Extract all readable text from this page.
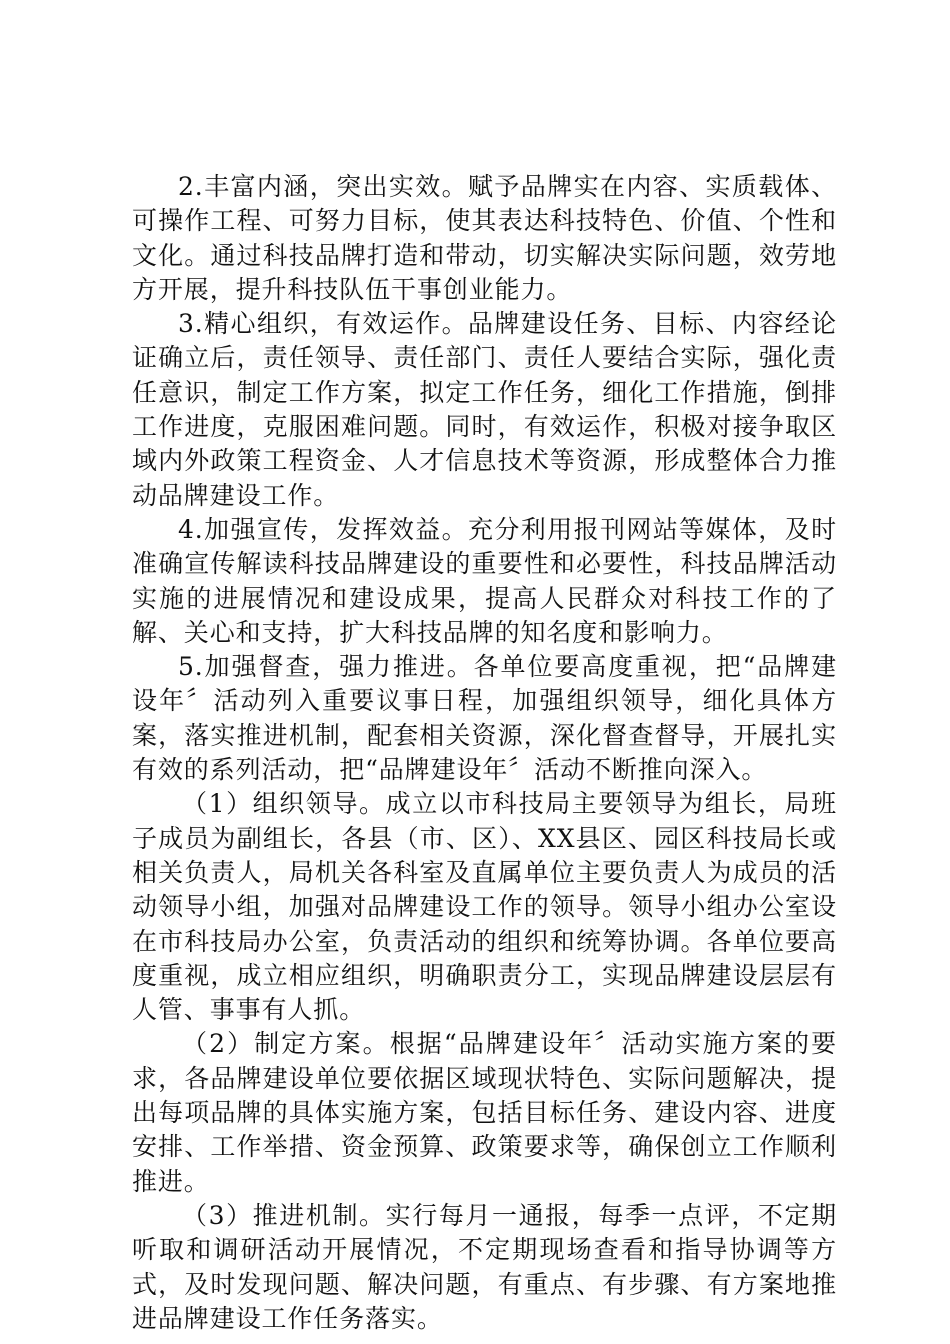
2.丰富内涵，突出实效。赋予品牌实在内容、实质载体、可操作工程、可努力目标，使其表达科技特色、价值、个性和文化。通过科技品牌打造和带动，切实解决实际问题，效劳地方开展，提升科技队伍干事创业能力。

3.精心组织，有效运作。品牌建设任务、目标、内容经论证确立后，责任领导、责任部门、责任人要结合实际，强化责任意识，制定工作方案，拟定工作任务，细化工作措施，倒排工作进度，克服困难问题。同时，有效运作，积极对接争取区域内外政策工程资金、人才信息技术等资源，形成整体合力推动品牌建设工作。

4.加强宣传，发挥效益。充分利用报刊网站等媒体，及时准确宣传解读科技品牌建设的重要性和必要性，科技品牌活动实施的进展情况和建设成果，提高人民群众对科技工作的了解、关心和支持，扩大科技品牌的知名度和影响力。

5.加强督查，强力推进。各单位要高度重视，把“品牌建设年〞活动列入重要议事日程，加强组织领导，细化具体方案，落实推进机制，配套相关资源，深化督查督导，开展扎实有效的系列活动，把“品牌建设年〞活动不断推向深入。

（1）组织领导。成立以市科技局主要领导为组长，局班子成员为副组长，各县（市、区）、XX县区、园区科技局长或相关负责人，局机关各科室及直属单位主要负责人为成员的活动领导小组，加强对品牌建设工作的领导。领导小组办公室设在市科技局办公室，负责活动的组织和统筹协调。各单位要高度重视，成立相应组织，明确职责分工，实现品牌建设层层有人管、事事有人抓。

（2）制定方案。根据“品牌建设年〞活动实施方案的要求，各品牌建设单位要依据区域现状特色、实际问题解决，提出每项品牌的具体实施方案，包括目标任务、建设内容、进度安排、工作举措、资金预算、政策要求等，确保创立工作顺利推进。

（3）推进机制。实行每月一通报，每季一点评，不定期听取和调研活动开展情况，不定期现场查看和指导协调等方式，及时发现问题、解决问题，有重点、有步骤、有方案地推进品牌建设工作任务落实。
